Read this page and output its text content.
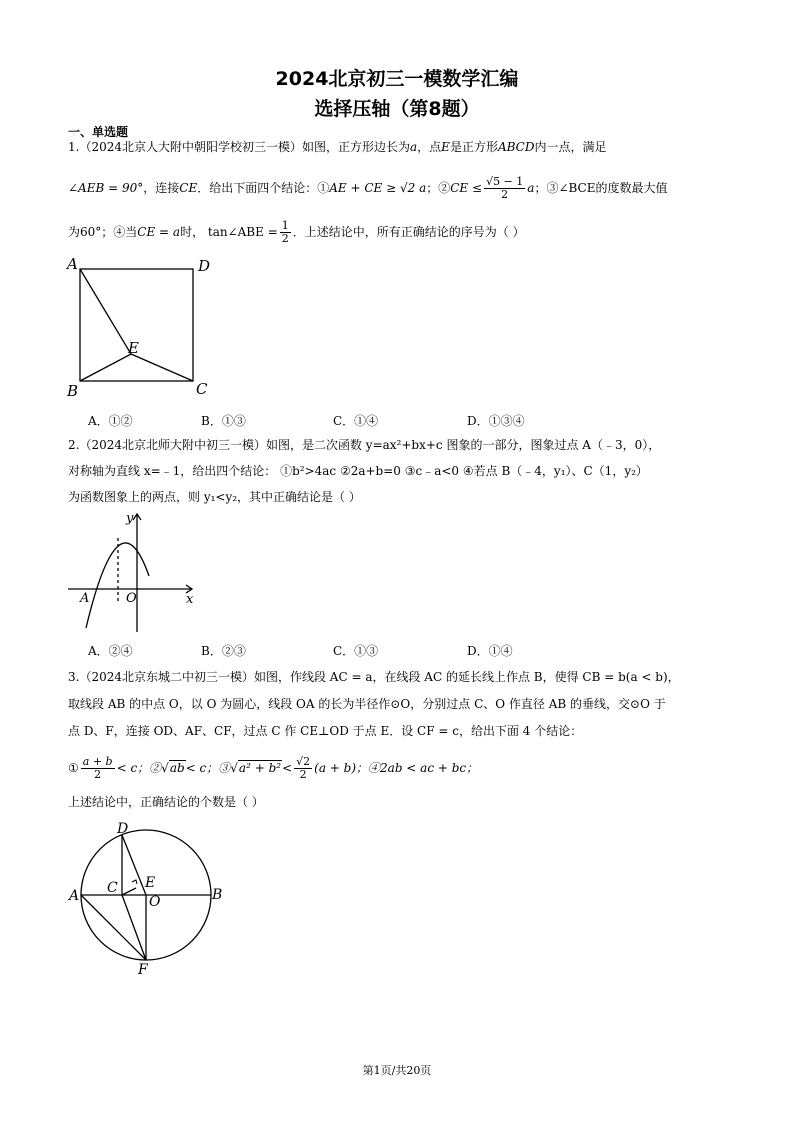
2024北京初三一模数学汇编
选择压轴（第8题）
一、单选题
1.（2024北京人大附中朝阳学校初三一模）如图，正方形边长为a，点E是正方形ABCD内一点，满足
∠AEB = 90°，连接CE．给出下面四个结论：①AE + CE ≥ √2 a；②CE ≤ $\frac{√5 - 1}{2}$ a；③∠BCE的度数最大值
为60°；④当CE = a时， tan∠ABE = $\frac{1}{2}$ ．上述结论中，所有正确结论的序号为（ ）
A	D
E
B	C
A．①②	B．①③	C．①④	D．①③④
2.（2024北京北师大附中初三一模）如图，是二次函数 y=ax²+bx+c 图象的一部分，图象过点 A（﹣3，0），
对称轴为直线 x=﹣1，给出四个结论： ①b²>4ac ②2a+b=0 ③c﹣a<0 ④若点 B（﹣4，y₁）、C（1，y₂）
为函数图象上的两点，则 y₁<y₂，其中正确结论是（ ）
y
x
A	O
A．②④	B．②③	C．①③	D．①④
3.（2024北京东城二中初三一模）如图，作线段 AC = a，在线段 AC 的延长线上作点 B，使得 CB = b(a < b)，
取线段 AB 的中点 O，以 O 为圆心，线段 OA 的长为半径作⊙O，分别过点 C、O 作直径 AB 的垂线，交⊙O 于
点 D、F，连接 OD、AF、CF，过点 C 作 CE⊥OD 于点 E．设 CF = c，给出下面 4 个结论：
① $\frac{a + b}{2} < c$；②√ab< c；③√a² + $b^2< \frac{√2}{2} (a + b)$；④2ab < ac + bc；
上述结论中，正确结论的个数是（ ）
D
C E
A	O	B
F
第1页/共20页
